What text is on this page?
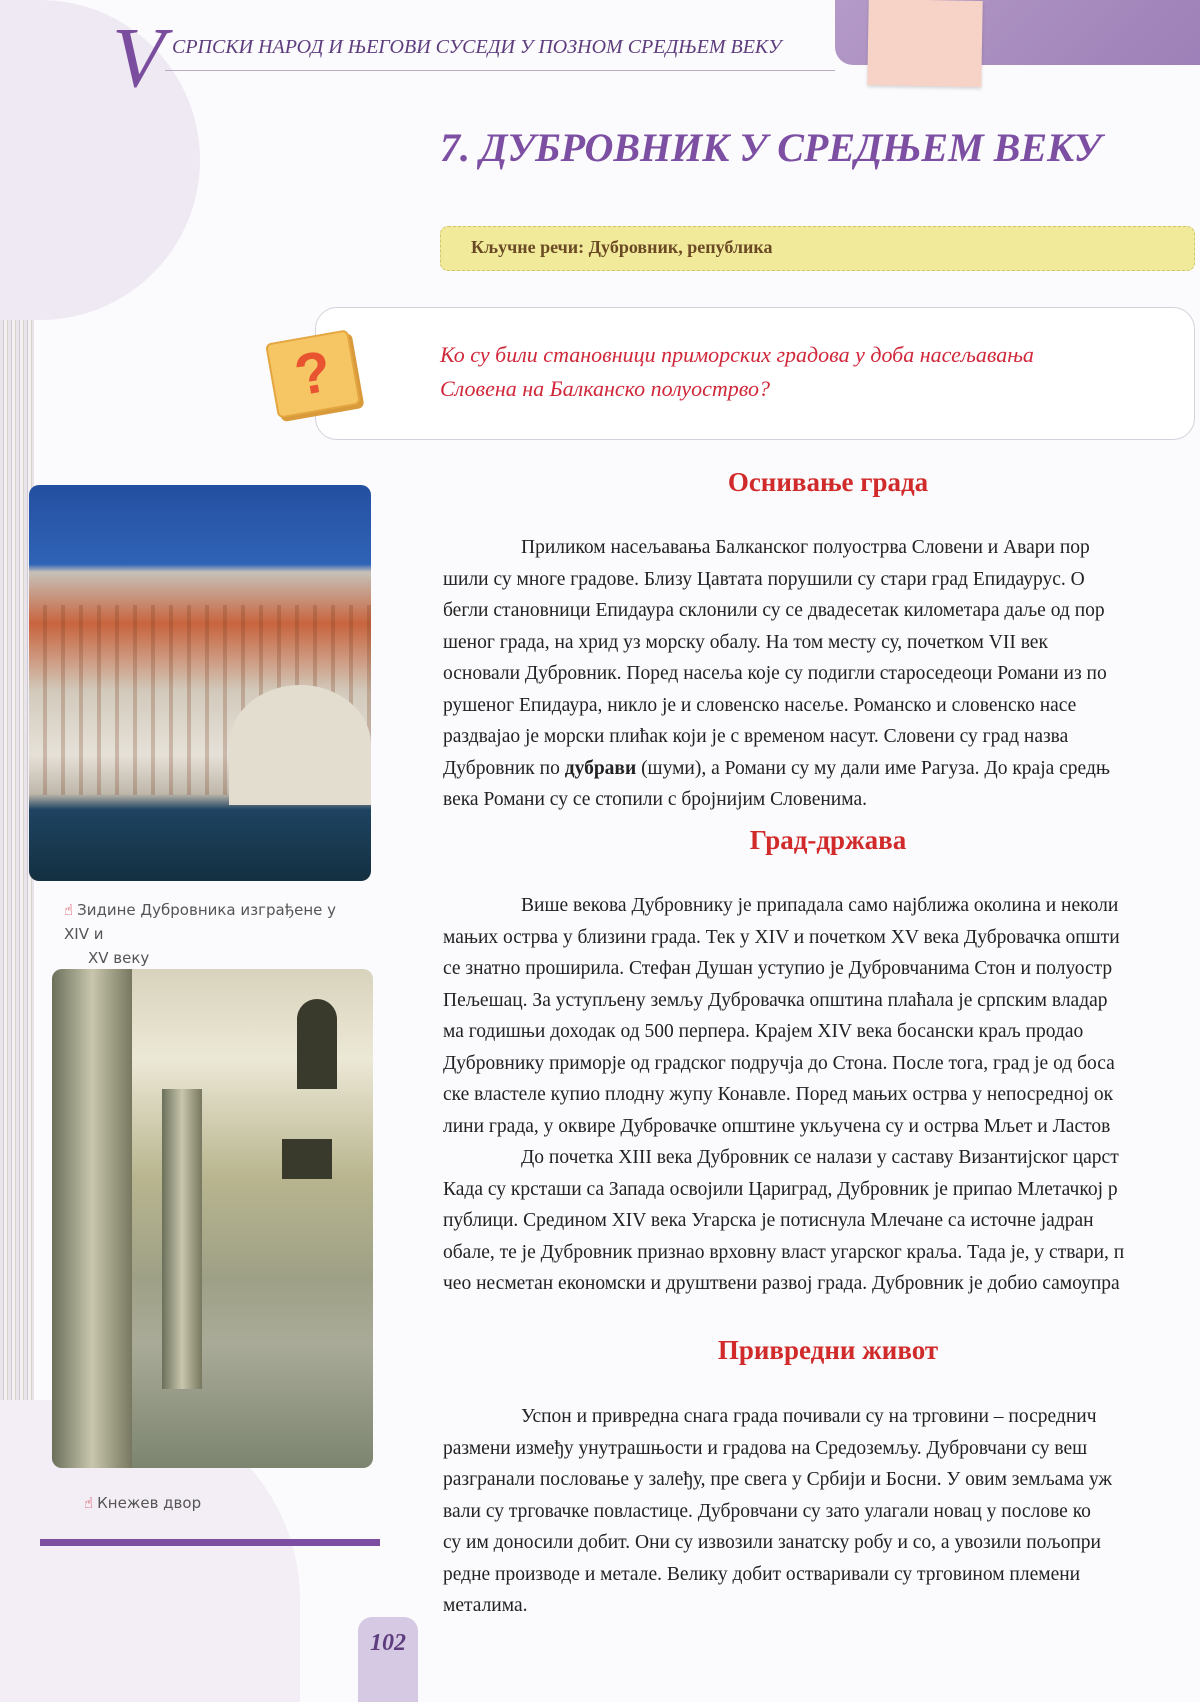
V СРПСКИ НАРОД И ЊЕГОВИ СУСЕДИ У ПОЗНОМ СРЕДЊЕМ ВЕКУ
7. ДУБРОВНИК У СРЕДЊЕМ ВЕКУ
Кључне речи: Дубровник, република
?	Ко су били становници приморских градова у доба насељавања
Словена на Балканско полуострво?
☝ Зидине Дубровника изграђене у XIV и
XV веку
☝ Кнежев двор
Оснивање града
Приликом насељавања Балканског полуострва Словени и Авари пор
шили су многе градове. Близу Цавтата порушили су стари град Епидаурус. О
бегли становници Епидаура склонили су се двадесетак километара даље од пор
шеног града, на хрид уз морску обалу. На том месту су, почетком VII век
основали Дубровник. Поред насеља које су подигли староседеоци Романи из по
рушеног Епидаура, никло је и словенско насеље. Романско и словенско насе
раздвајао је морски плићак који је с временом насут. Словени су град назва
Дубровник по дубрави (шуми), а Романи су му дали име Рагуза. До краја средњ
века Романи су се стопили с бројнијим Словенима.
Град-држава
Више векова Дубровнику је припадала само најближа околина и неколи
мањих острва у близини града. Тек у XIV и почетком XV века Дубровачка општи
се знатно проширила. Стефан Душан уступио је Дубровчанима Стон и полуостр
Пељешац. За уступљену земљу Дубровачка општина плаћала је српским владар
ма годишњи доходак од 500 перпера. Крајем XIV века босански краљ продао
Дубровнику приморје од градског подручја до Стона. После тога, град је од боса
ске властеле купио плодну жупу Конавле. Поред мањих острва у непосредној ок
лини града, у оквире Дубровачке општине укључена су и острва Мљет и Ластов
До почетка XIII века Дубровник се налази у саставу Византијског царст
Када су крсташи са Запада освојили Цариград, Дубровник је припао Млетачкој р
публици. Средином XIV века Угарска је потиснула Млечане са источне јадран
обале, те је Дубровник признао врховну власт угарског краља. Тада је, у ствари, п
чео несметан економски и друштвени развој града. Дубровник је добио самоупра
Привредни живот
Успон и привредна снага града почивали су на трговини – посреднич
размени између унутрашњости и градова на Средоземљу. Дубровчани су веш
разгранали пословање у залеђу, пре свега у Србији и Босни. У овим земљама уж
вали су трговачке повластице. Дубровчани су зато улагали новац у послове ко
су им доносили добит. Они су извозили занатску робу и со, а увозили пољопри
редне производе и метале. Велику добит остваривали су трговином племени
металима.
102
